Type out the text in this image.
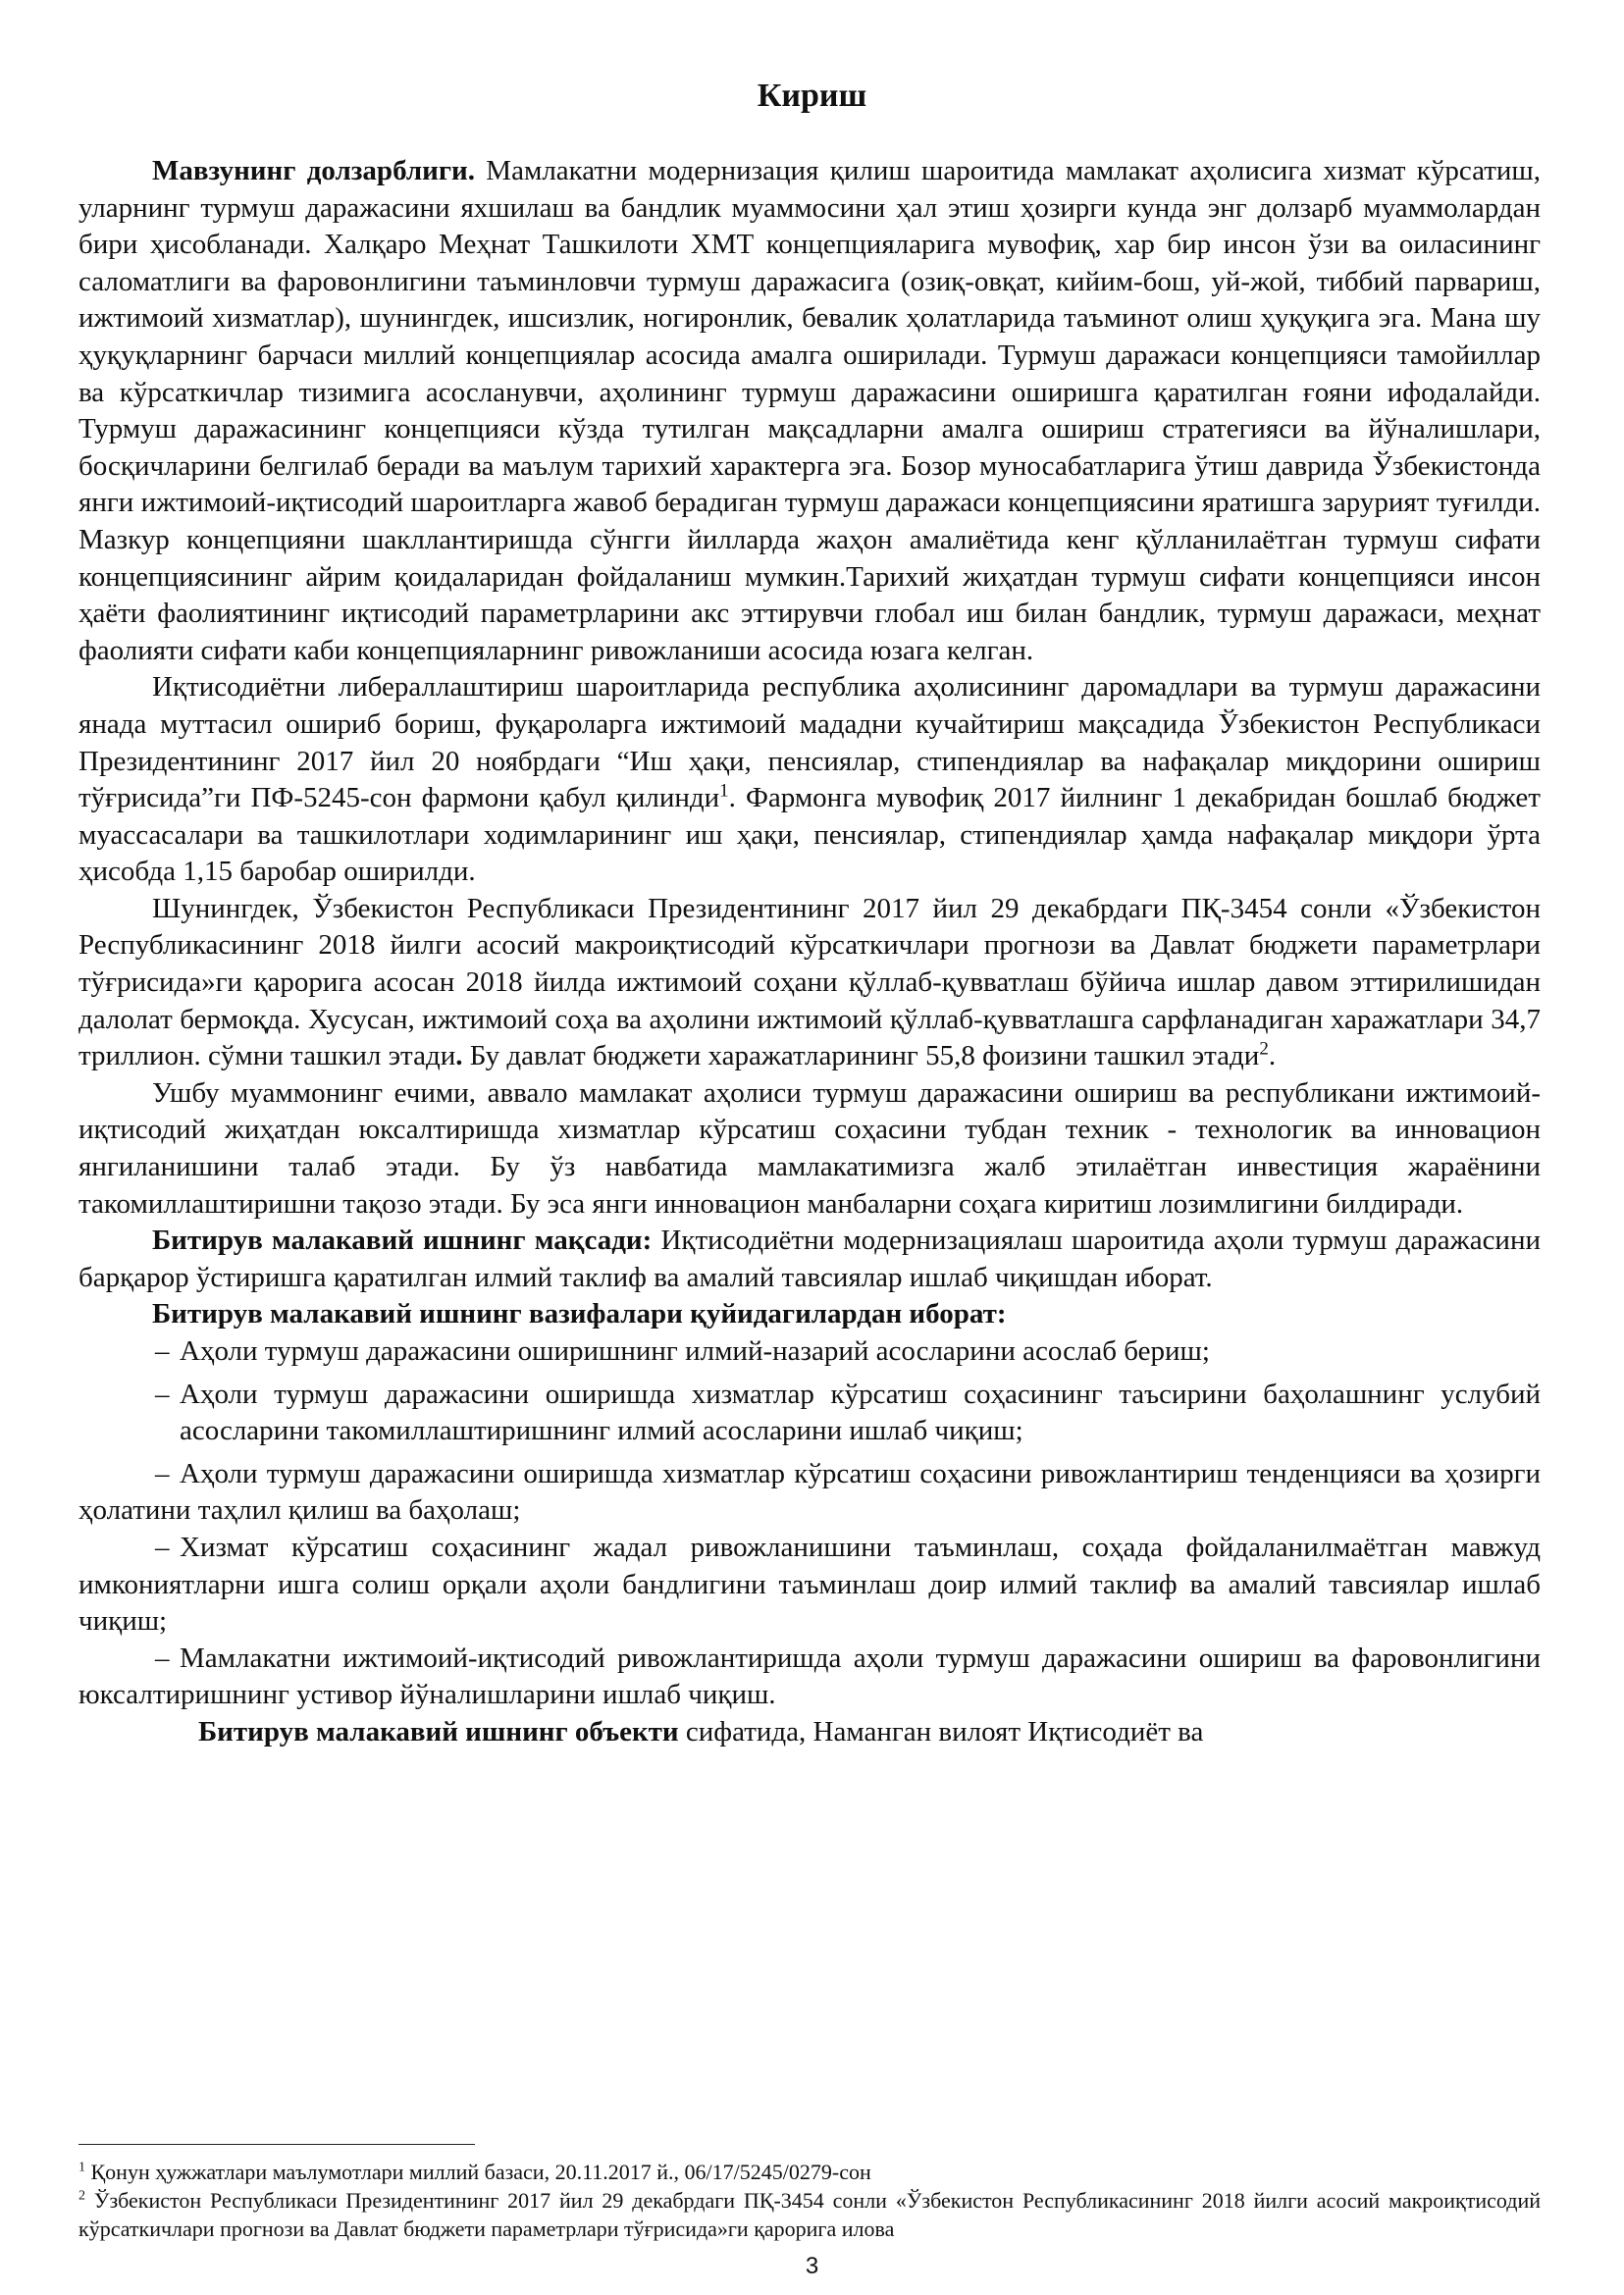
Кириш

Мавзунинг долзарблиги. Мамлакатни модернизация қилиш шароитида мамлакат аҳолисига хизмат кўрсатиш, уларнинг турмуш даражасини яхшилаш ва бандлик муаммосини ҳал этиш ҳозирги кунда энг долзарб муаммолардан бири ҳисобланади. Халқаро Меҳнат Ташкилоти ХМТ концепцияларига мувофиқ, хар бир инсон ўзи ва оиласининг саломатлиги ва фаровонлигини таъминловчи турмуш даражасига (озиқ-овқат, кийим-бош, уй-жой, тиббий парвариш, ижтимоий хизматлар), шунингдек, ишсизлик, ногиронлик, бевалик ҳолатларида таъминот олиш ҳуқуқига эга. Мана шу ҳуқуқларнинг барчаси миллий концепциялар асосида амалга оширилади. Турмуш даражаси концепцияси тамойиллар ва кўрсаткичлар тизимига асосланувчи, аҳолининг турмуш даражасини оширишга қаратилган ғояни ифодалайди. Турмуш даражасининг концепцияси кўзда тутилган мақсадларни амалга ошириш стратегияси ва йўналишлари, босқичларини белгилаб беради ва маълум тарихий характерга эга. Бозор муносабатларига ўтиш даврида Ўзбекистонда янги ижтимоий-иқтисодий шароитларга жавоб берадиган турмуш даражаси концепциясини яратишга зарурият туғилди. Мазкур концепцияни шакллантиришда сўнгги йилларда жаҳон амалиётида кенг қўлланилаётган турмуш сифати концепциясининг айрим қоидаларидан фойдаланиш мумкин.Тарихий жиҳатдан турмуш сифати концепцияси инсон ҳаёти фаолиятининг иқтисодий параметрларини акс эттирувчи глобал иш билан бандлик, турмуш даражаси, меҳнат фаолияти сифати каби концепцияларнинг ривожланиши асосида юзага келган.

Иқтисодиётни либераллаштириш шароитларида республика аҳолисининг даромадлари ва турмуш даражасини янада муттасил ошириб бориш, фуқароларга ижтимоий мададни кучайтириш мақсадида Ўзбекистон Республикаси Президентининг 2017 йил 20 ноябрдаги “Иш ҳақи, пенсиялар, стипендиялар ва нафақалар миқдорини ошириш тўғрисида”ги ПФ-5245-сон фармони қабул қилинди$^1$. Фармонга мувофиқ 2017 йилнинг 1 декабридан бошлаб бюджет муассасалари ва ташкилотлари ходимларининг иш ҳақи, пенсиялар, стипендиялар ҳамда нафақалар миқдори ўрта ҳисобда 1,15 баробар оширилди.

Шунингдек, Ўзбекистон Республикаси Президентининг 2017 йил 29 декабрдаги ПҚ-3454 сонли «Ўзбекистон Республикасининг 2018 йилги асосий макроиқтисодий кўрсаткичлари прогнози ва Давлат бюджети параметрлари тўғрисида»ги қарорига асосан 2018 йилда ижтимоий соҳани қўллаб-қувватлаш бўйича ишлар давом эттирилишидан далолат бермоқда. Хусусан, ижтимоий соҳа ва аҳолини ижтимоий қўллаб-қувватлашга сарфланадиган харажатлари 34,7 триллион. сўмни ташкил этади. Бу давлат бюджети харажатларининг 55,8 фоизини ташкил этади$^2$.

Ушбу муаммонинг ечими, аввало мамлакат аҳолиси турмуш даражасини ошириш ва республикани ижтимоий-иқтисодий жиҳатдан юксалтиришда хизматлар кўрсатиш соҳасини тубдан техник - технологик ва инновацион янгиланишини талаб этади. Бу ўз навбатида мамлакатимизга жалб этилаётган инвестиция жараёнини такомиллаштиришни тақозо этади. Бу эса янги инновацион манбаларни соҳага киритиш лозимлигини билдиради.

Битирув малакавий ишнинг мақсади: Иқтисодиётни модернизациялаш шароитида аҳоли турмуш даражасини барқарор ўстиришга қаратилган илмий таклиф ва амалий тавсиялар ишлаб чиқишдан иборат.

Битирув малакавий ишнинг вазифалари қуйидагилардан иборат:

– Аҳоли турмуш даражасини оширишнинг илмий-назарий асосларини асослаб бериш;
– Аҳоли турмуш даражасини оширишда хизматлар кўрсатиш соҳасининг таъсирини баҳолашнинг услубий асосларини такомиллаштиришнинг илмий асосларини ишлаб чиқиш;

– Аҳоли турмуш даражасини оширишда хизматлар кўрсатиш соҳасини ривожлантириш тенденцияси ва ҳозирги ҳолатини таҳлил қилиш ва баҳолаш;

– Хизмат кўрсатиш соҳасининг жадал ривожланишини таъминлаш, соҳада фойдаланилмаётган мавжуд имкониятларни ишга солиш орқали аҳоли бандлигини таъминлаш доир илмий таклиф ва амалий тавсиялар ишлаб чиқиш;

– Мамлакатни ижтимоий-иқтисодий ривожлантиришда аҳоли турмуш даражасини ошириш ва фаровонлигини юксалтиришнинг устивор йўналишларини ишлаб чиқиш.

Битирув малакавий ишнинг объекти сифатида, Наманган вилоят Иқтисодиёт ва

$^1$ Қонун ҳужжатлари маълумотлари миллий базаси, 20.11.2017 й., 06/17/5245/0279-сон

$^2$ Ўзбекистон Республикаси Президентининг 2017 йил 29 декабрдаги ПҚ-3454 сонли «Ўзбекистон Республикасининг 2018 йилги асосий макроиқтисодий кўрсаткичлари прогнози ва Давлат бюджети параметрлари тўғрисида»ги қарорига илова

3
